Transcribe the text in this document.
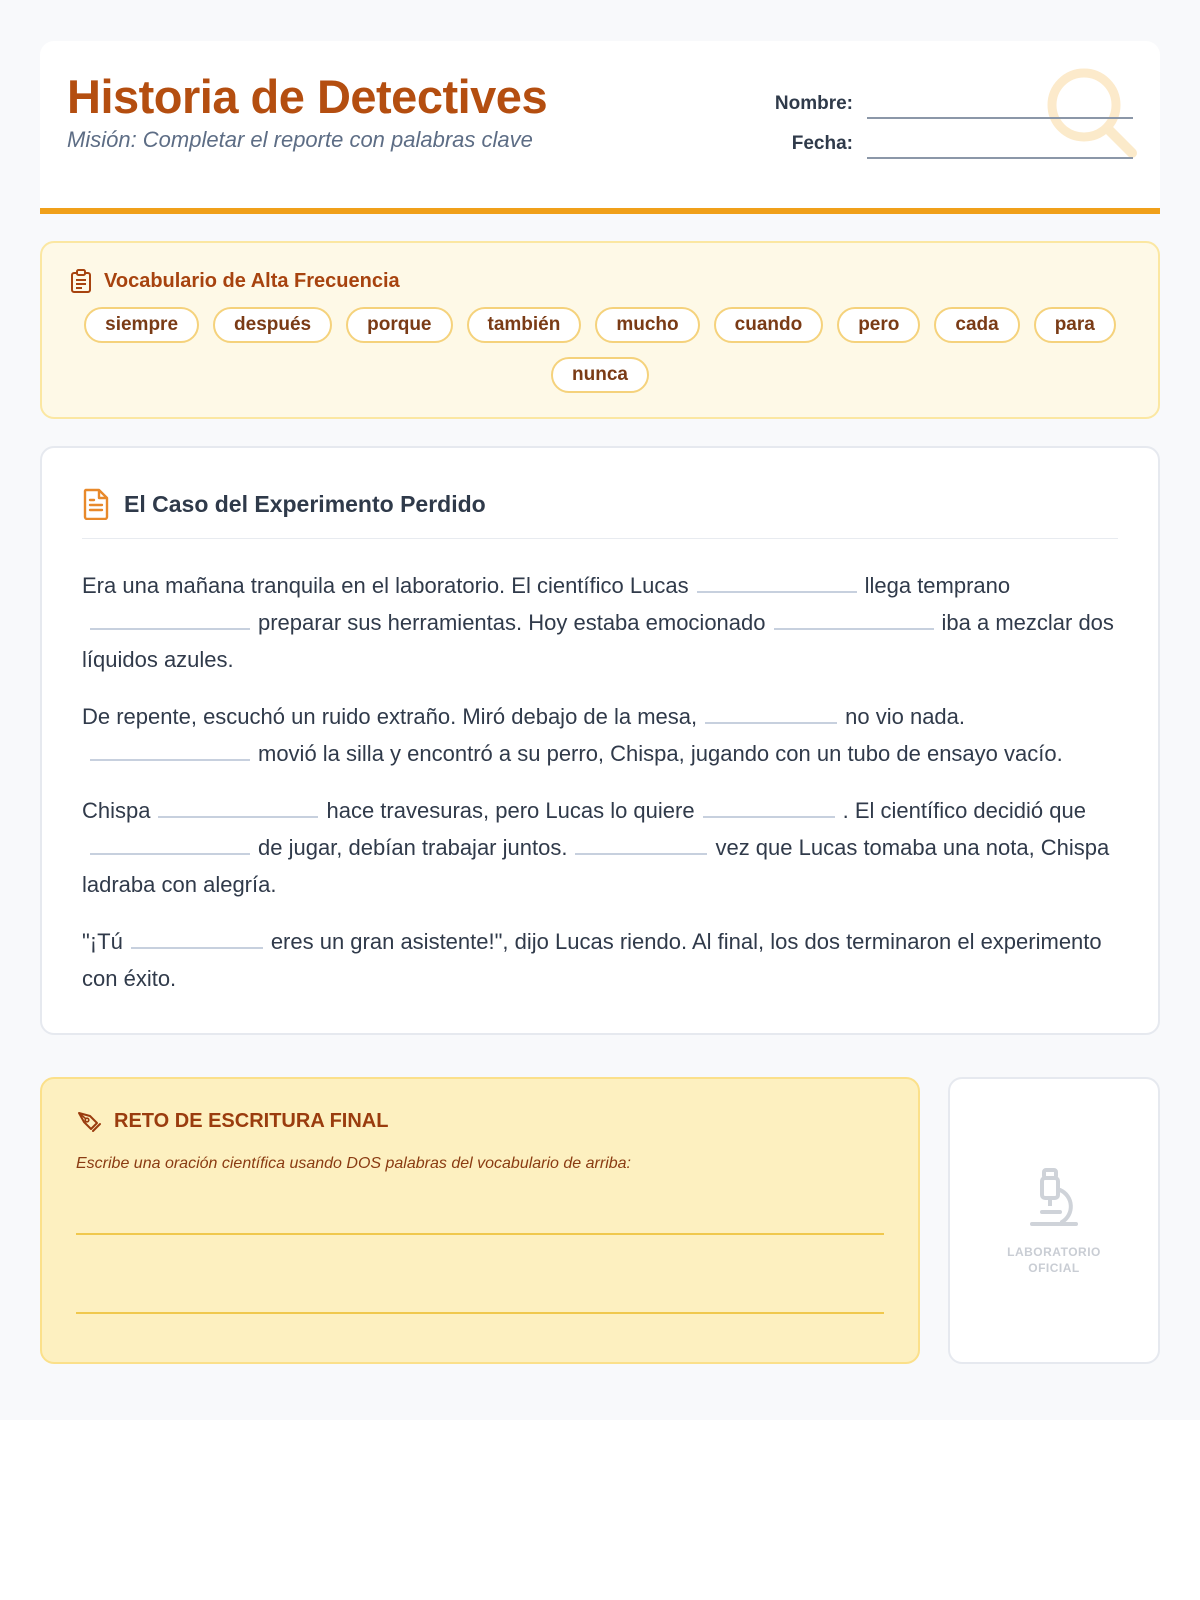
Historia de Detectives
Misión: Completar el reporte con palabras clave
Nombre:
Fecha:
Vocabulario de Alta Frecuencia
siempre	después	porque	también	mucho	cuando	pero	cada	para
nunca
El Caso del Experimento Perdido

Era una mañana tranquila en el laboratorio. El científico Lucas	llega temprano preparar sus herramientas. Hoy estaba emocionado	iba a mezclar dos líquidos azules.

De repente, escuchó un ruido extraño. Miró debajo de la mesa,	no vio nada. movió la silla y encontró a su perro, Chispa, jugando con un tubo de ensayo vacío.

Chispa	hace travesuras, pero Lucas lo quiere	. El científico decidió quede jugar, debían trabajar juntos.	vez que Lucas tomaba una nota, Chispa ladraba con alegría.

"¡Tú	eres un gran asistente!", dijo Lucas riendo. Al final, los dos terminaron el experimento con éxito.

RETO DE ESCRITURA FINAL
Escribe una oración científica usando DOS palabras del vocabulario de arriba:
LABORATORIO
OFICIAL
